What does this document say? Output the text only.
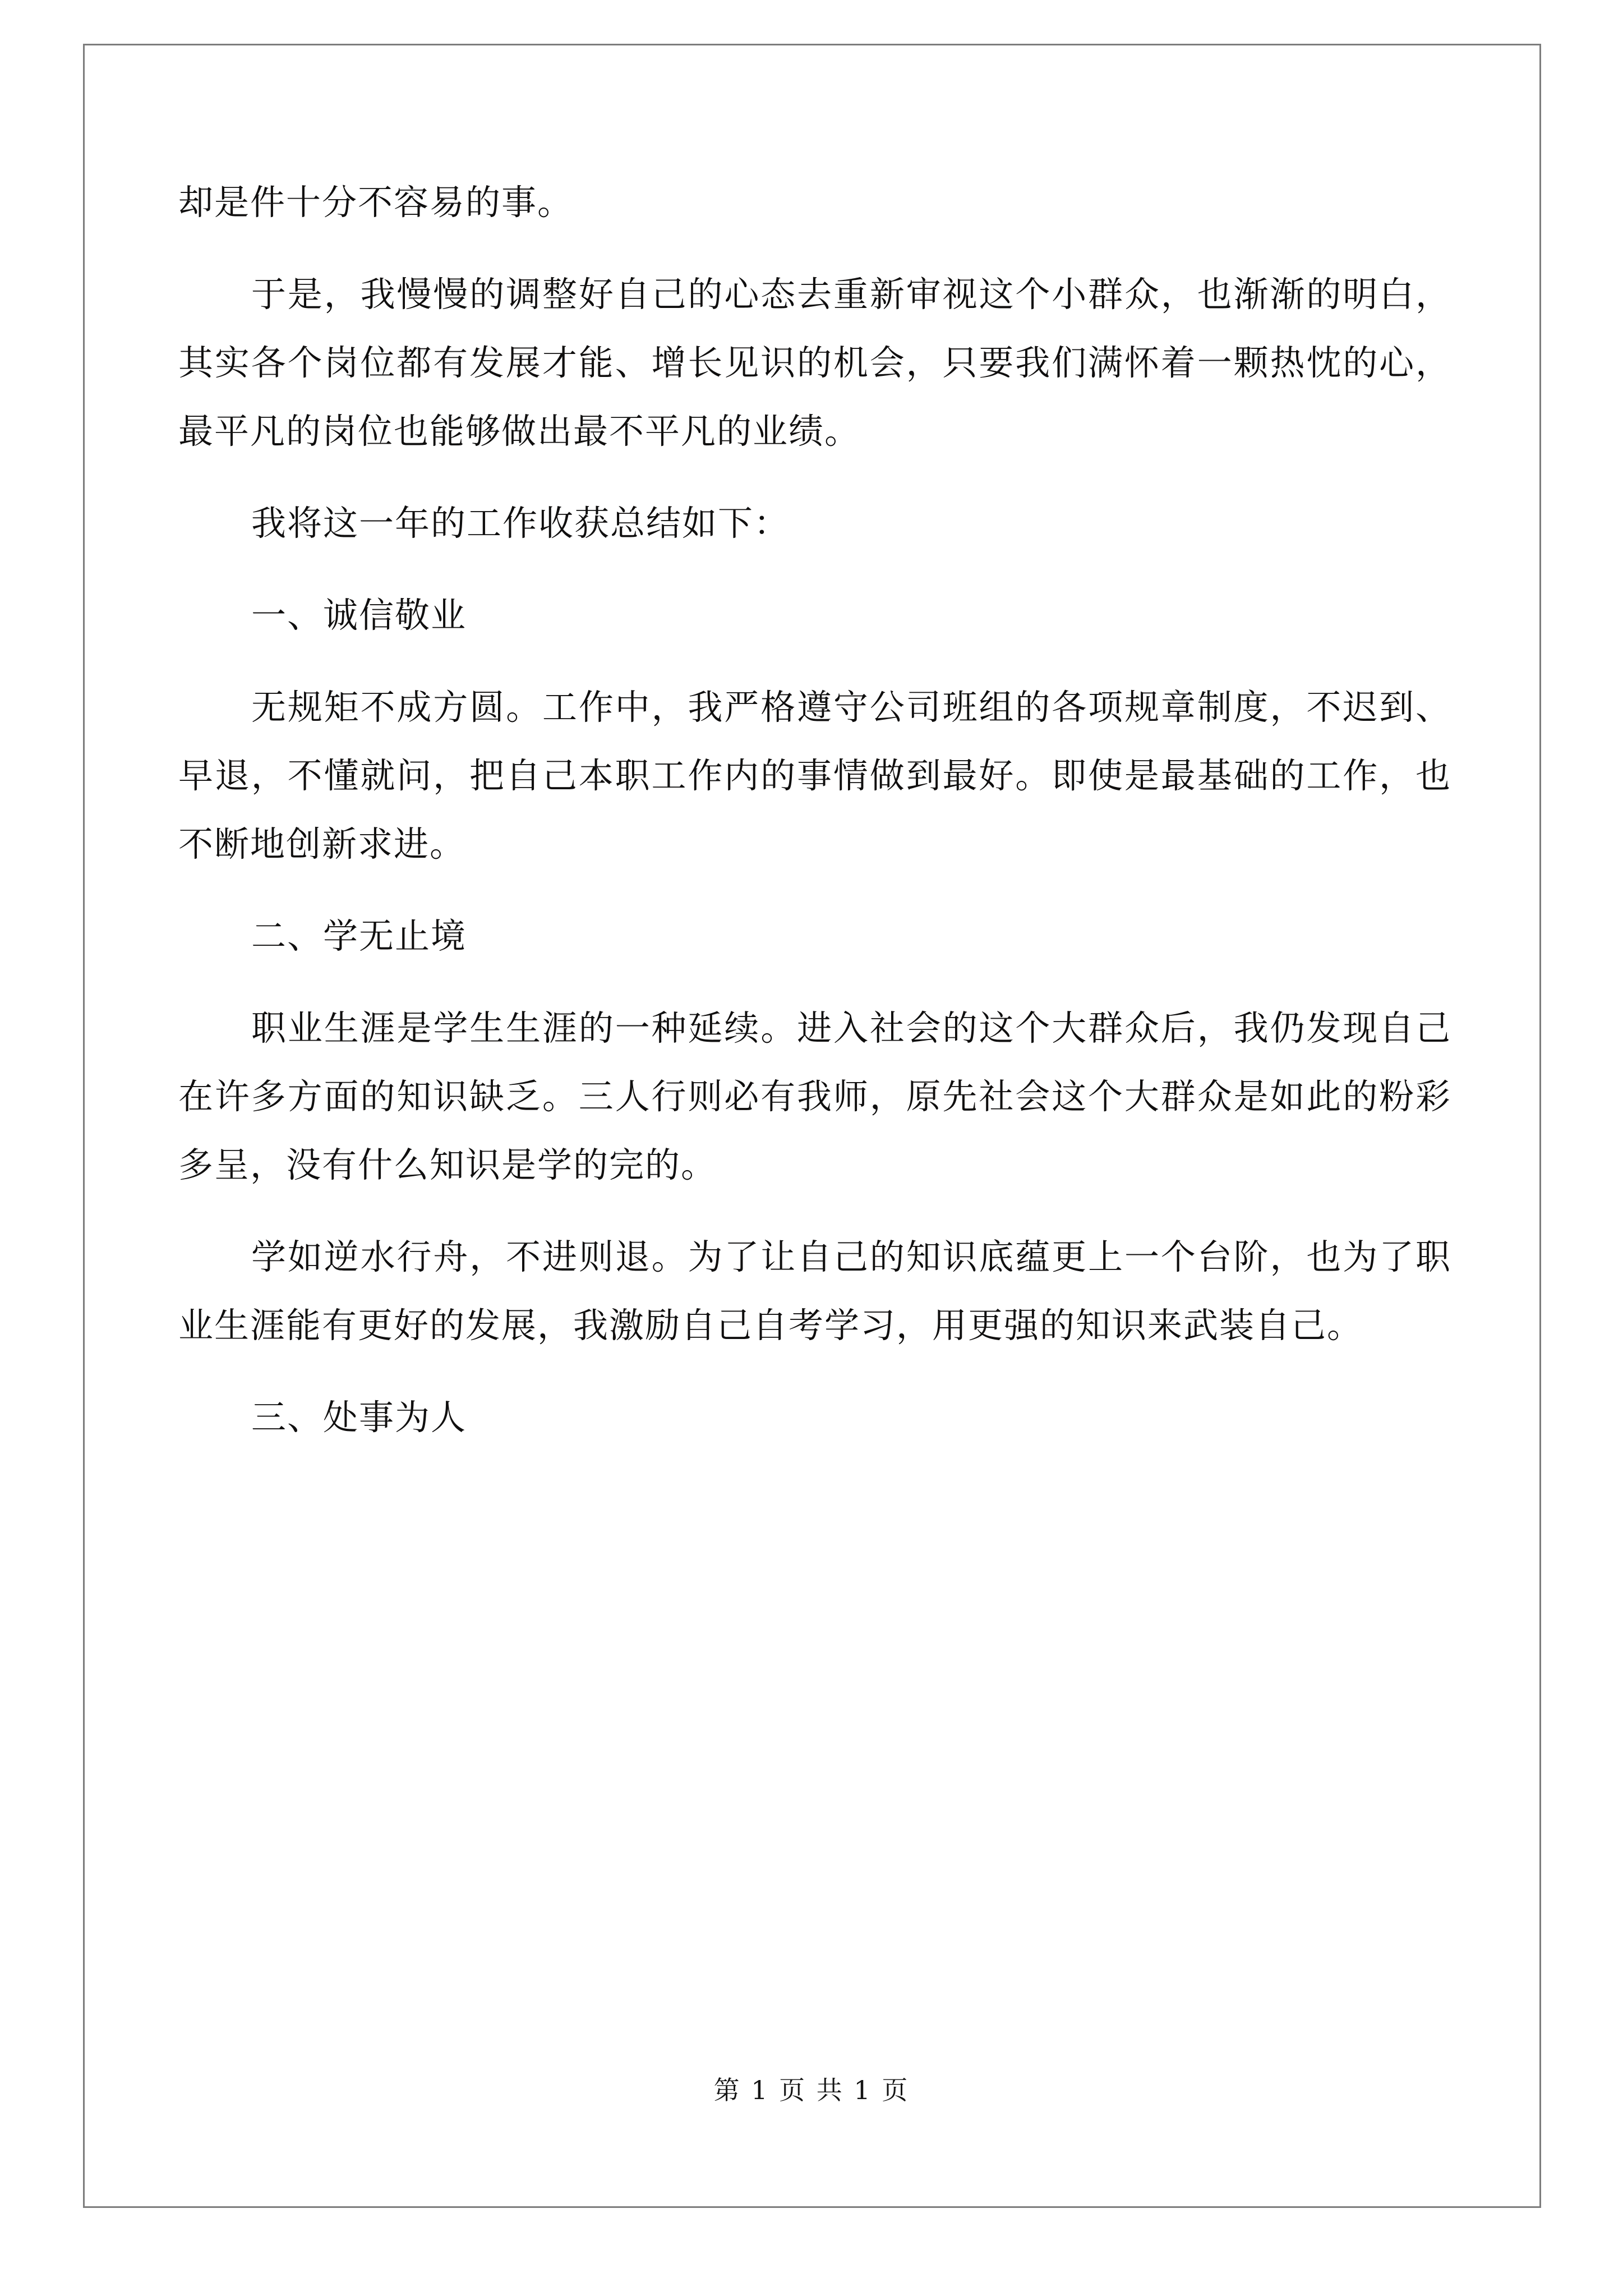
却是件十分不容易的事。

于是，我慢慢的调整好自己的心态去重新审视这个小群众，也渐渐的明白，其实各个岗位都有发展才能、增长见识的机会，只要我们满怀着一颗热忱的心，最平凡的岗位也能够做出最不平凡的业绩。

我将这一年的工作收获总结如下：

一、诚信敬业

无规矩不成方圆。工作中，我严格遵守公司班组的各项规章制度，不迟到、早退，不懂就问，把自己本职工作内的事情做到最好。即使是最基础的工作，也不断地创新求进。

二、学无止境

职业生涯是学生生涯的一种延续。进入社会的这个大群众后，我仍发现自己在许多方面的知识缺乏。三人行则必有我师，原先社会这个大群众是如此的粉彩多呈，没有什么知识是学的完的。

学如逆水行舟，不进则退。为了让自己的知识底蕴更上一个台阶，也为了职业生涯能有更好的发展，我激励自己自考学习，用更强的知识来武装自己。

三、处事为人

第 1 页 共 1 页
